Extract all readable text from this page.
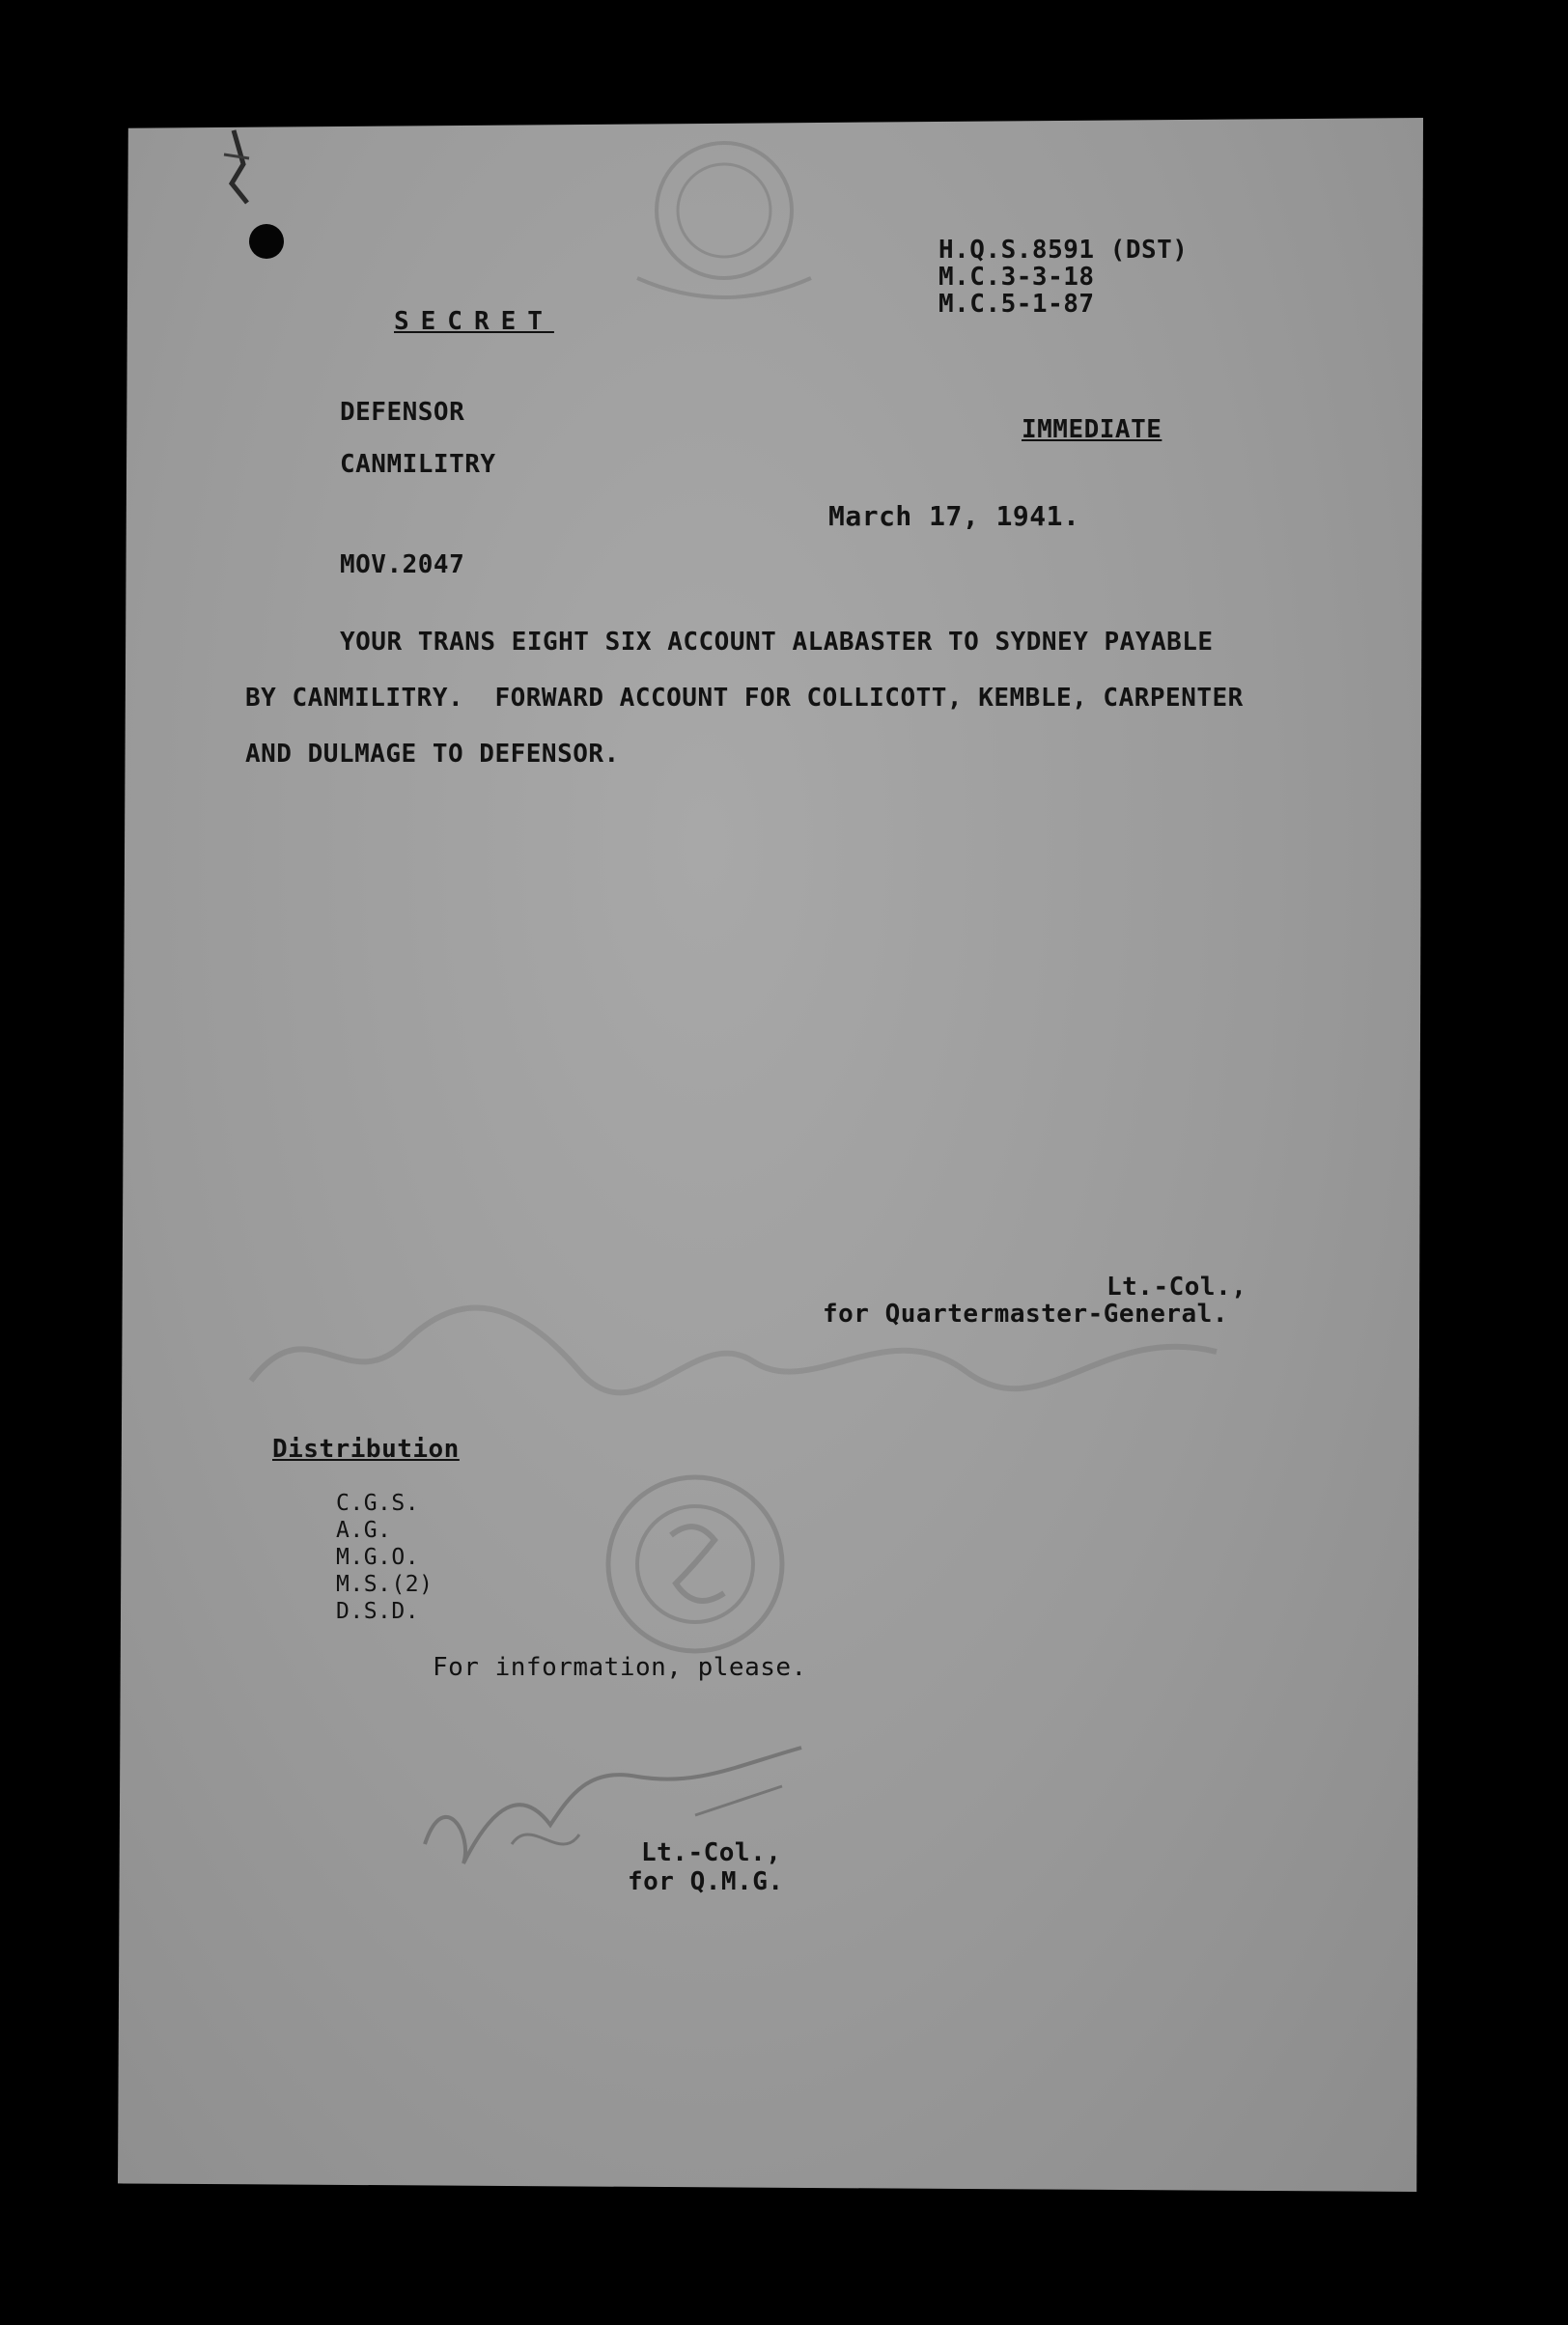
H.Q.S.8591 (DST)
M.C.3-3-18
M.C.5-1-87
SECRET
DEFENSOR
CANMILITRY
IMMEDIATE
March 17, 1941.
MOV.2047
YOUR TRANS EIGHT SIX ACCOUNT ALABASTER TO SYDNEY PAYABLE
BY CANMILITRY.  FORWARD ACCOUNT FOR COLLICOTT, KEMBLE, CARPENTER
AND DULMAGE TO DEFENSOR.
Lt.-Col.,
for Quartermaster-General.
Distribution
C.G.S.
A.G.
M.G.O.
M.S.(2)
D.S.D.
For information, please.
Lt.-Col.,
for Q.M.G.
